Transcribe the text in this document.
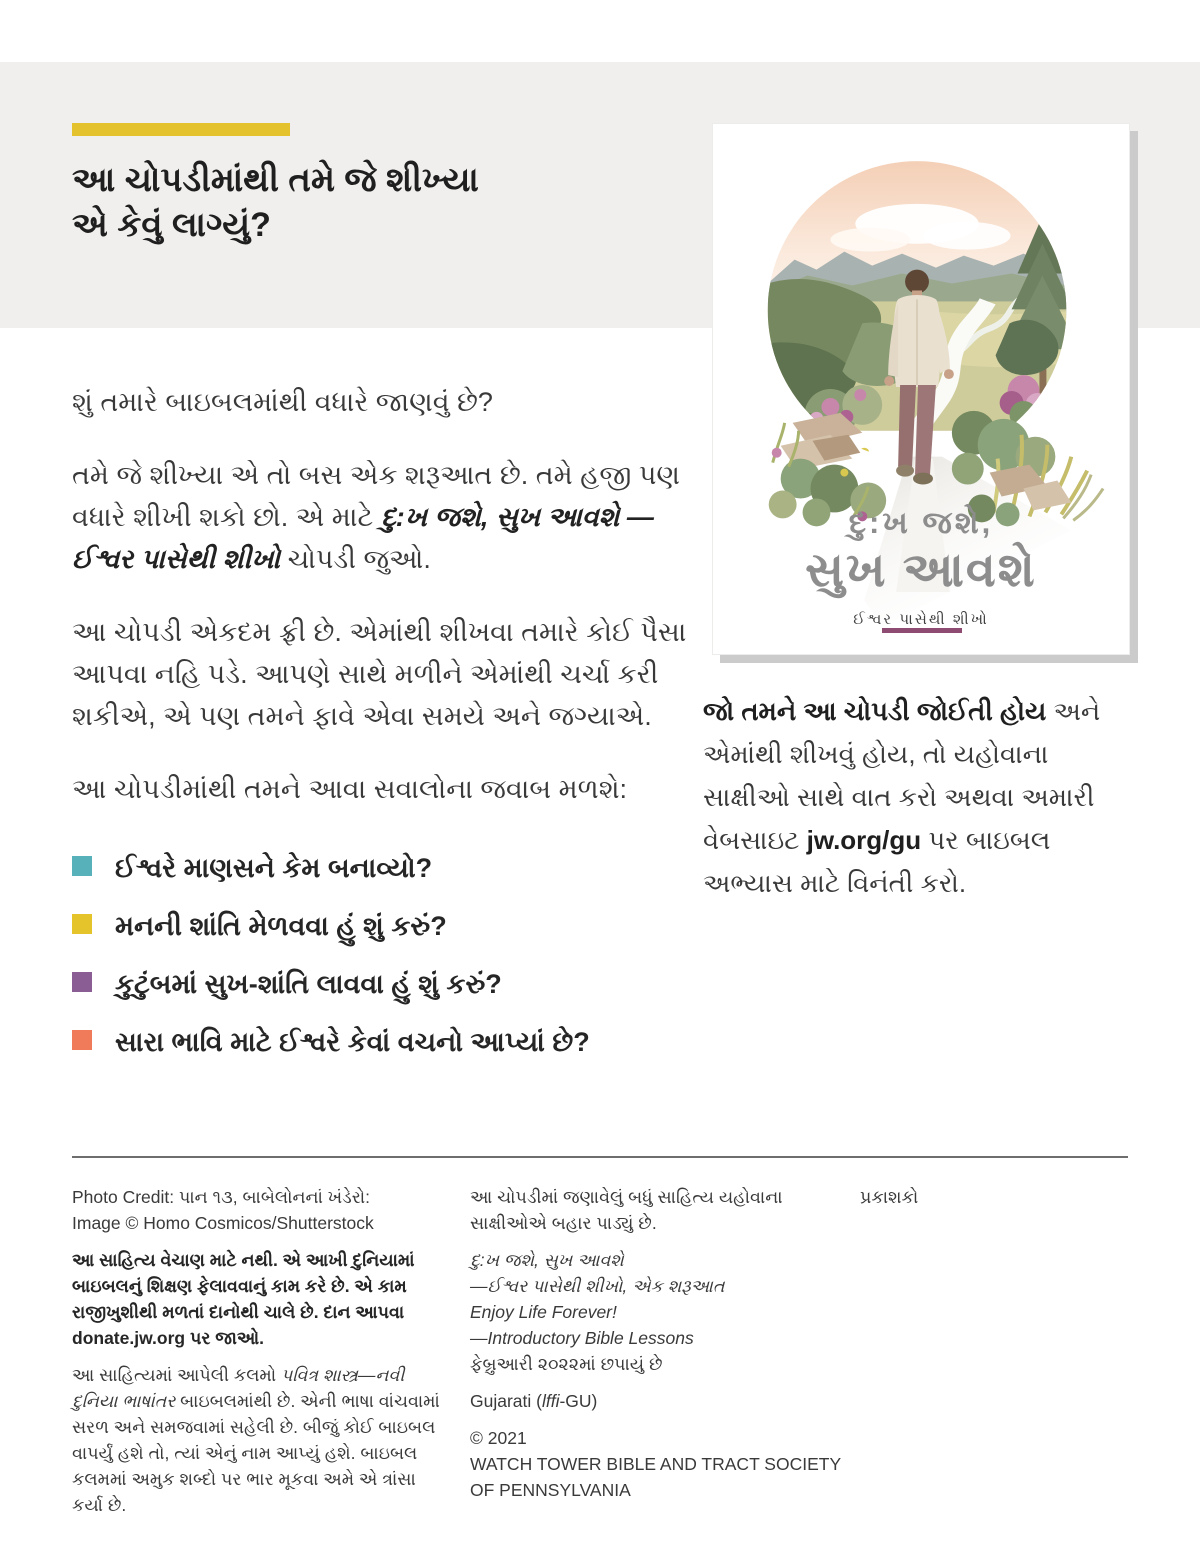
આ ચોપડીમાંથી તમે જે શીખ્યા
એ કેવું લાગ્યું?

શું તમારે બાઇબલમાંથી વધારે જાણવું છે?

તમે જે શીખ્યા એ તો બસ એક શરૂઆત છે. તમે હજી પણ વધારે શીખી શકો છો. એ માટે દુ:ખ જશે, સુખ આવશે —ઈશ્વર પાસેથી શીખો ચોપડી જુઓ.

આ ચોપડી એકદમ ફ્રી છે. એમાંથી શીખવા તમારે કોઈ પૈસા આપવા નહિ પડે. આપણે સાથે મળીને એમાંથી ચર્ચા કરી શકીએ, એ પણ તમને ફાવે એવા સમયે અને જગ્યાએ.

આ ચોપડીમાંથી તમને આવા સવાલોના જવાબ મળશે:

ઈશ્વરે માણસને કેમ બનાવ્યો?
મનની શાંતિ મેળવવા હું શું કરું?
કુટુંબમાં સુખ-શાંતિ લાવવા હું શું કરું?
સારા ભાવિ માટે ઈશ્વરે કેવાં વચનો આપ્યાં છે?
દુ:ખ જશે,
સુખ આવશે
ઈશ્વર પાસેથી શીખો
જો તમને આ ચોપડી જોઈતી હોય અને એમાંથી શીખવું હોય, તો યહોવાના સાક્ષીઓ સાથે વાત કરો અથવા અમારી વેબસાઇટ jw.org/gu પર બાઇબલ અભ્યાસ માટે વિનંતી કરો.

Photo Credit: પાન ૧૩, બાબેલોનનાં ખંડેરો:
Image © Homo Cosmicos/Shutterstock

આ સાહિત્ય વેચાણ માટે નથી. એ આખી દુનિયામાં બાઇબલનું શિક્ષણ ફેલાવવાનું કામ કરે છે. એ કામ રાજીખુશીથી મળતાં દાનોથી ચાલે છે. દાન આપવા donate.jw.org પર જાઓ.

આ સાહિત્યમાં આપેલી કલમો પવિત્ર શાસ્ત્ર—નવી દુનિયા ભાષાંતર બાઇબલમાંથી છે. એની ભાષા વાંચવામાં સરળ અને સમજવામાં સહેલી છે. બીજું કોઈ બાઇબલ વાપર્યું હશે તો, ત્યાં એનું નામ આપ્યું હશે. બાઇબલ કલમમાં અમુક શબ્દો પર ભાર મૂકવા અમે એ ત્રાંસા કર્યા છે.

આ ચોપડીમાં જણાવેલું બધું સાહિત્ય યહોવાના સાક્ષીઓએ બહાર પાડ્યું છે.

દુ:ખ જશે, સુખ આવશે
—ઈશ્વર પાસેથી શીખો, એક શરૂઆત
Enjoy Life Forever!
—Introductory Bible Lessons
ફેબ્રુઆરી ૨૦૨૨માં છપાયું છે

Gujarati (lffi-GU)

© 2021
WATCH TOWER BIBLE AND TRACT SOCIETY
OF PENNSYLVANIA

પ્રકાશકો
